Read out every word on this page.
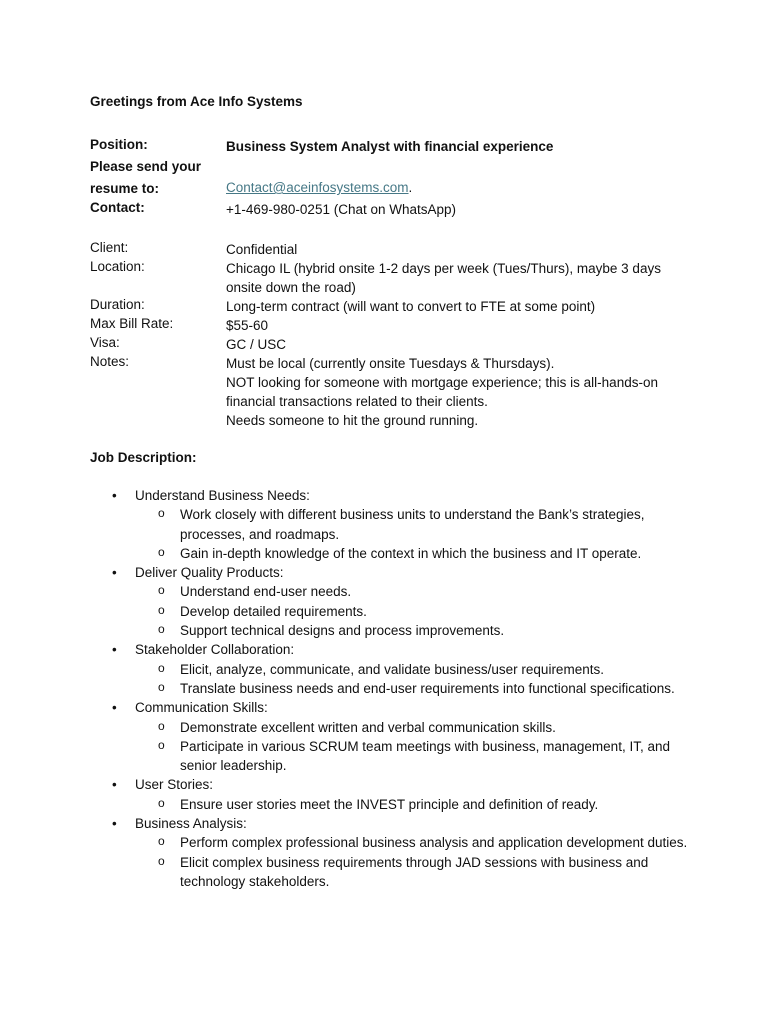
Greetings from Ace Info Systems
Position:	Business System Analyst with financial experience
Please send your
resume to:	Contact@aceinfosystems.com.
Contact:	+1-469-980-0251 (Chat on WhatsApp)
Client:	Confidential
Location:	Chicago IL (hybrid onsite 1-2 days per week (Tues/Thurs), maybe 3 days onsite down the road)
Duration:	Long-term contract (will want to convert to FTE at some point)
Max Bill Rate:	$55-60
Visa:	GC / USC
Notes:	Must be local (currently onsite Tuesdays & Thursdays).
NOT looking for someone with mortgage experience; this is all-hands-on financial transactions related to their clients.
Needs someone to hit the ground running.
Job Description:
• Understand Business Needs:
o Work closely with different business units to understand the Bank’s strategies, processes, and roadmaps.
o Gain in-depth knowledge of the context in which the business and IT operate.
• Deliver Quality Products:
o Understand end-user needs.
o Develop detailed requirements.
o Support technical designs and process improvements.
• Stakeholder Collaboration:
o Elicit, analyze, communicate, and validate business/user requirements.
o Translate business needs and end-user requirements into functional specifications.
• Communication Skills:
o Demonstrate excellent written and verbal communication skills.
o Participate in various SCRUM team meetings with business, management, IT, and senior leadership.
• User Stories:
o Ensure user stories meet the INVEST principle and definition of ready.
• Business Analysis:
o Perform complex professional business analysis and application development duties.
o Elicit complex business requirements through JAD sessions with business and technology stakeholders.
